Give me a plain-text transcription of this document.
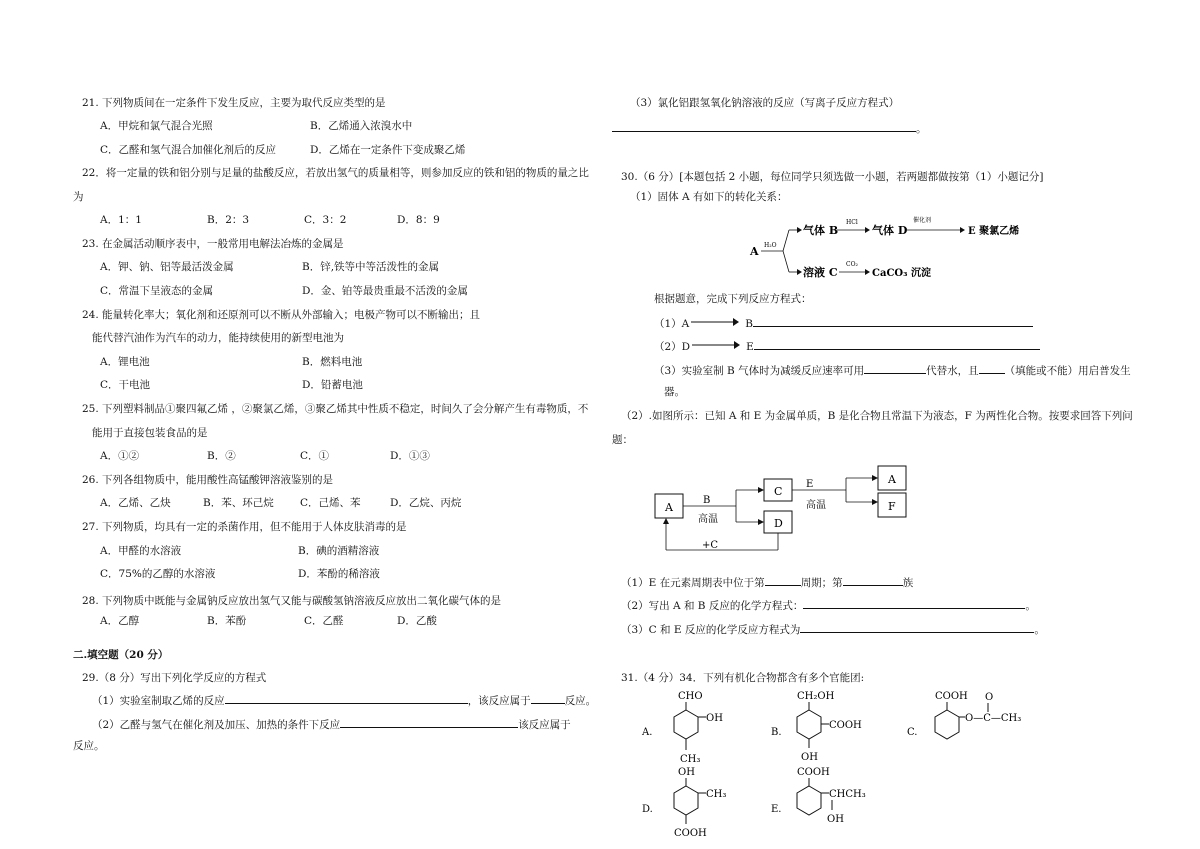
21. 下列物质间在一定条件下发生反应，主要为取代反应类型的是
A．甲烷和氯气混合光照	B．乙烯通入浓溴水中
C．乙醛和氢气混合加催化剂后的反应	D．乙烯在一定条件下变成聚乙烯
22．将一定量的铁和铝分别与足量的盐酸反应，若放出氢气的质量相等，则参加反应的铁和铝的物质的量之比
为
A．1：1	B．2：3	C．3：2	D．8：9
23. 在金属活动顺序表中，一般常用电解法冶炼的金属是
A．钾、钠、铝等最活泼金属	B．锌,铁等中等活泼性的金属
C．常温下呈液态的金属	D．金、铂等最贵重最不活泼的金属
24. 能量转化率大；氧化剂和还原剂可以不断从外部输入；电极产物可以不断输出；且
能代替汽油作为汽车的动力，能持续使用的新型电池为
A．锂电池	B．燃料电池
C．干电池	D．铅蓄电池
25. 下列塑料制品①聚四氟乙烯 ，②聚氯乙烯，③聚乙烯其中性质不稳定，时间久了会分解产生有毒物质，不
能用于直接包装食品的是
A．①②	B．②	C．①	D．①③
26. 下列各组物质中，能用酸性高锰酸钾溶液鉴别的是
A．乙烯、乙炔	B．苯、环己烷	C．己烯、苯	D．乙烷、丙烷
27. 下列物质，均具有一定的杀菌作用，但不能用于人体皮肤消毒的是
A．甲醛的水溶液	B．碘的酒精溶液
C．75%的乙醇的水溶液	D．苯酚的稀溶液
28. 下列物质中既能与金属钠反应放出氢气又能与碳酸氢钠溶液反应放出二氧化碳气体的是
A．乙醇	B．苯酚	C．乙醛	D．乙酸
二.填空题（20 分）
29.（8 分）写出下列化学反应的方程式
（1）实验室制取乙烯的反应	，该反应属于	反应。
（2）乙醛与氢气在催化剂及加压、加热的条件下反应	该反应属于
反应。
（3）氯化铝跟氢氧化钠溶液的反应（写离子反应方程式）
。
30.（6 分）[本题包括 2 小题，每位同学只须选做一小题，若两题都做按第（1）小题记分]
（1）固体 A 有如下的转化关系：
A H₂O
气体 B
HCl
气体 D
催化剂
E 聚氯乙烯
溶液 C
CO₂
CaCO₃ 沉淀
根据题意，完成下列反应方程式：
（1）A	B
（2）D	E
（3）实验室制 B 气体时为减缓反应速率可用	代替水，且 （填能或不能）用启普发生
器。
（2）.如图所示：已知 A 和 E 为金属单质，B 是化合物且常温下为液态，F 为两性化合物。按要求回答下列问
题：
A
B
高温
C
D
E
高温
A
F
+C
（1）E 在元素周期表中位于第	周期；第	族
（2）写出 A 和 B 反应的化学方程式：	。
（3）C 和 E 反应的化学反应方程式为	。
31.（4 分）34．下列有机化合物都含有多个官能团:
A.
CHO
OH
CH₃
B.
CH₂OH
COOH
OH
C.
COOH O
O—C—CH₃
D.
OH
CH₃
COOH
E.
COOH
CHCH₃
OH
